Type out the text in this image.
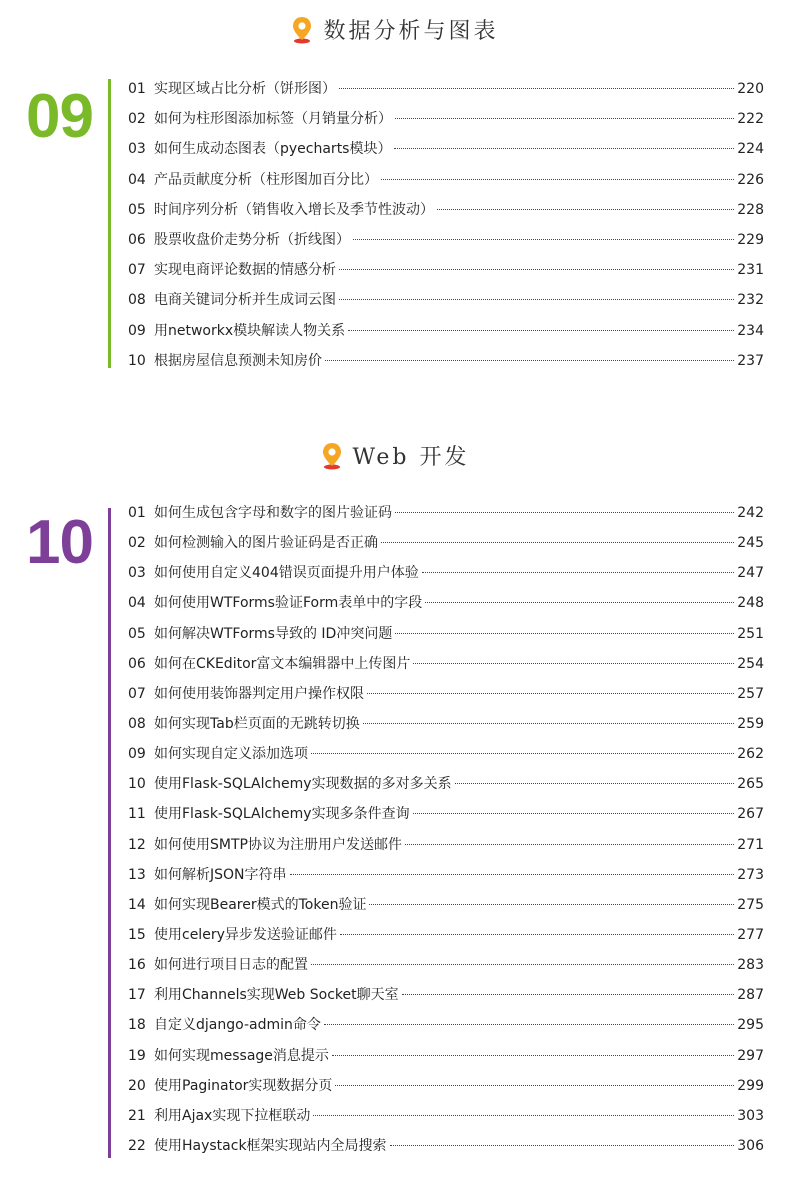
数据分析与图表
09	01 实现区域占比分析（饼形图）	220
02 如何为柱形图添加标签（月销量分析）	222
03 如何生成动态图表（pyecharts模块）	224
04 产品贡献度分析（柱形图加百分比）	226
05 时间序列分析（销售收入增长及季节性波动）	228
06 股票收盘价走势分析（折线图）	229
07 实现电商评论数据的情感分析	231
08 电商关键词分析并生成词云图	232
09 用networkx模块解读人物关系	234
10 根据房屋信息预测未知房价	237
Web 开发
10	01 如何生成包含字母和数字的图片验证码	242
02 如何检测输入的图片验证码是否正确	245
03 如何使用自定义404错误页面提升用户体验	247
04 如何使用WTForms验证Form表单中的字段	248
05 如何解决WTForms导致的 ID冲突问题	251
06 如何在CKEditor富文本编辑器中上传图片	254
07 如何使用装饰器判定用户操作权限	257
08 如何实现Tab栏页面的无跳转切换	259
09 如何实现自定义添加选项	262
10 使用Flask-SQLAlchemy实现数据的多对多关系	265
11 使用Flask-SQLAlchemy实现多条件查询	267
12 如何使用SMTP协议为注册用户发送邮件	271
13 如何解析JSON字符串	273
14 如何实现Bearer模式的Token验证	275
15 使用celery异步发送验证邮件	277
16 如何进行项目日志的配置	283
17 利用Channels实现Web Socket聊天室	287
18 自定义django-admin命令	295
19 如何实现message消息提示	297
20 使用Paginator实现数据分页	299
21 利用Ajax实现下拉框联动	303
22 使用Haystack框架实现站内全局搜索	306
